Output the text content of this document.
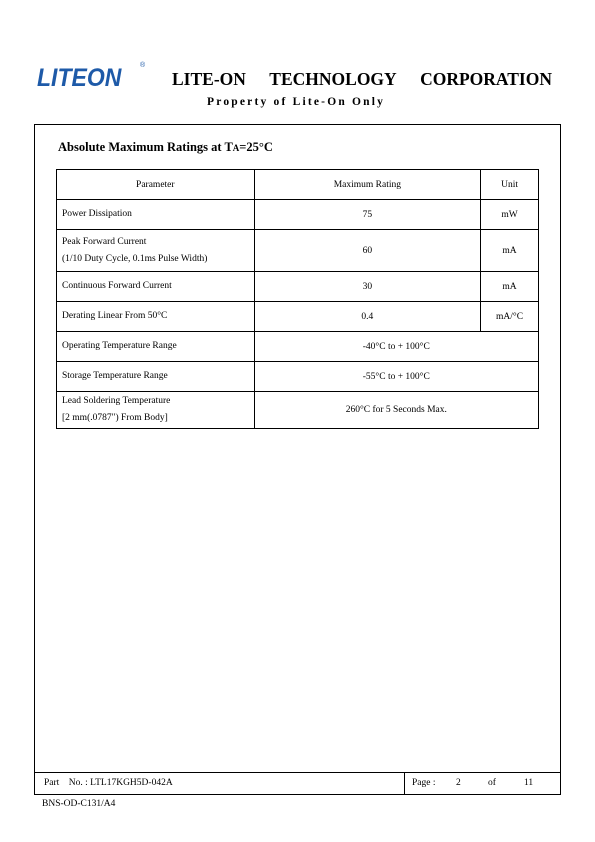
LITEON	®
LITE-ON TECHNOLOGY CORPORATION
Property of Lite-On Only
Absolute Maximum Ratings at TA=25°C
Parameter	Maximum Rating	Unit
Power Dissipation	75	mW

Peak Forward Current
(1/10 Duty Cycle, 0.1ms Pulse Width)	60	mA
Continuous Forward Current	30	mA
Derating Linear From 50°C	0.4	mA/°C
Operating Temperature Range	-40°C to + 100°C	
Storage Temperature Range	-55°C to + 100°C	

Lead Soldering Temperature
[2 mm(.0787") From Body]	260°C for 5 Seconds Max.	
Part    No. : LTL17KGH5D-042A	Page :	2	of	11
BNS-OD-C131/A4
